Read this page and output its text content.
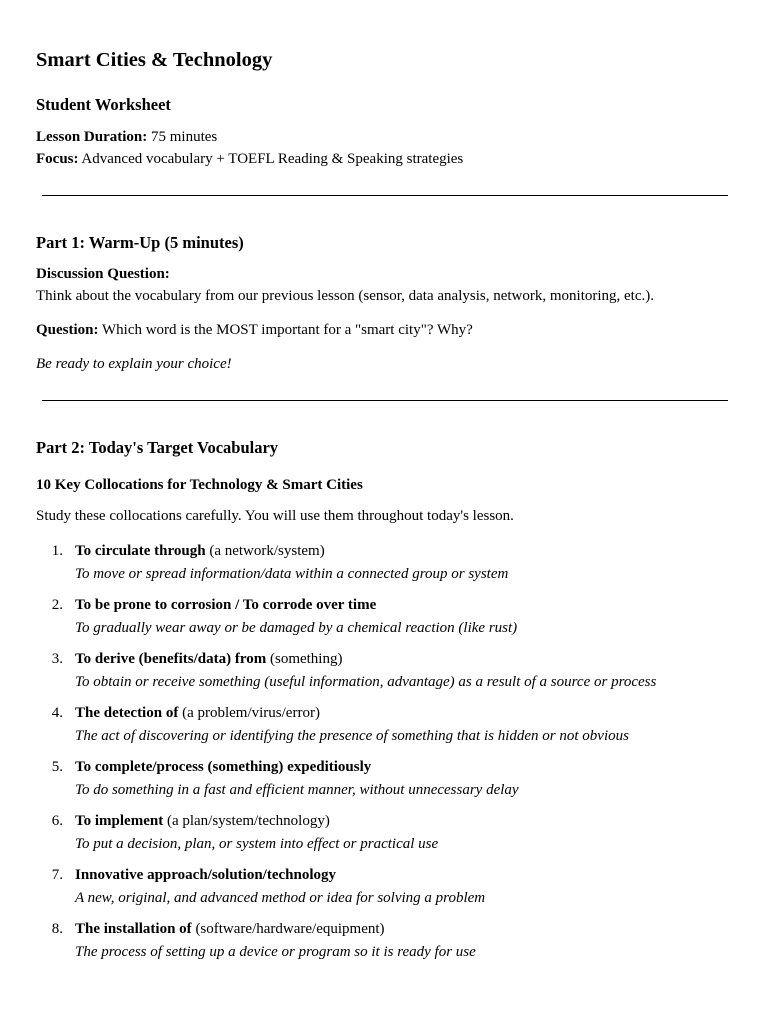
Smart Cities & Technology
Student Worksheet

Lesson Duration: 75 minutes

Focus: Advanced vocabulary + TOEFL Reading & Speaking strategies

Part 1: Warm-Up (5 minutes)

Discussion Question:

Think about the vocabulary from our previous lesson (sensor, data analysis, network, monitoring, etc.).

Question: Which word is the MOST important for a "smart city"? Why?

Be ready to explain your choice!

Part 2: Today's Target Vocabulary
10 Key Collocations for Technology & Smart Cities

Study these collocations carefully. You will use them throughout today's lesson.

1. To circulate through (a network/system)
To move or spread information/data within a connected group or system
2. To be prone to corrosion / To corrode over time
To gradually wear away or be damaged by a chemical reaction (like rust)
3. To derive (benefits/data) from (something)
To obtain or receive something (useful information, advantage) as a result of a source or process
4. The detection of (a problem/virus/error)
The act of discovering or identifying the presence of something that is hidden or not obvious
5. To complete/process (something) expeditiously
To do something in a fast and efficient manner, without unnecessary delay
6. To implement (a plan/system/technology)
To put a decision, plan, or system into effect or practical use
7. Innovative approach/solution/technology
A new, original, and advanced method or idea for solving a problem
8. The installation of (software/hardware/equipment)
The process of setting up a device or program so it is ready for use
